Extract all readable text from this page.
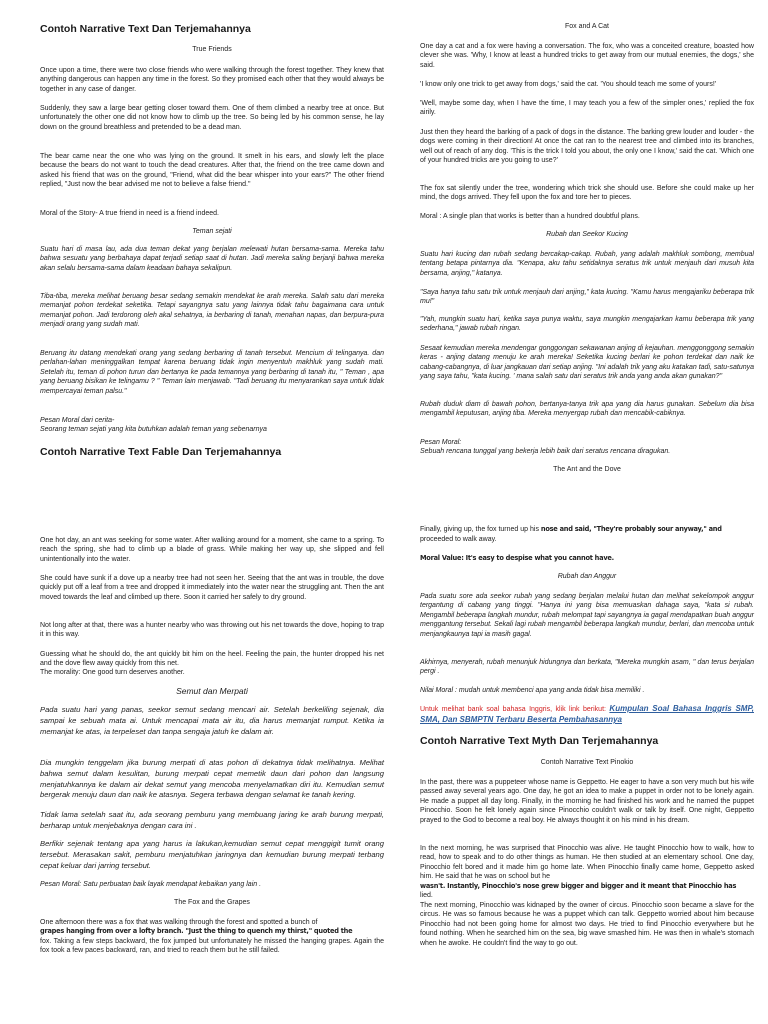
Contoh Narrative Text Dan Terjemahannya
True Friends
Once upon a time, there were two close friends who were walking through the forest together. They knew that anything dangerous can happen any time in the forest. So they promised each other that they would always be together in any case of danger.
Suddenly, they saw a large bear getting closer toward them. One of them climbed a nearby tree at once. But unfortunately the other one did not know how to climb up the tree. So being led by his common sense, he lay down on the ground breathless and pretended to be a dead man.
The bear came near the one who was lying on the ground. It smelt in his ears, and slowly left the place because the bears do not want to touch the dead creatures. After that, the friend on the tree came down and asked his friend that was on the ground, "Friend, what did the bear whisper into your ears?" The other friend replied, "Just now the bear advised me not to believe a false friend."
Moral of the Story- A true friend in need is a friend indeed.
Teman sejati
Suatu hari di masa lau, ada dua teman dekat yang berjalan melewati hutan bersama-sama. Mereka tahu bahwa sesuatu yang berbahaya dapat terjadi setiap saat di hutan. Jadi mereka saling berjanji bahwa mereka akan selalu bersama-sama dalam keadaan bahaya sekalipun.
Tiba-tiba, mereka melihat beruang besar sedang semakin mendekat ke arah mereka. Salah satu dari mereka memanjat pohon terdekat seketika. Tetapi sayangnya satu yang lainnya tidak tahu bagaimana cara untuk memanjat pohon. Jadi terdorong oleh akal sehatnya, ia berbaring di tanah, menahan napas, dan berpura-pura menjadi orang yang sudah mati.
Beruang itu datang mendekati orang yang sedang berbaring di tanah tersebut. Mencium di telinganya. dan perlahan-lahan meninggalkan tempat karena beruang tidak ingin menyentuh makhluk yang sudah mati. Setelah itu, teman di pohon turun dan bertanya ke pada temannya yang berbaring di tanah itu, " Teman , apa yang beruang bisikan ke telingamu ? " Teman lain menjawab. "Tadi beruang itu menyarankan saya untuk tidak mempercayai teman palsu."
Pesan Moral dari cerita-
Seorang teman sejati yang kita butuhkan adalah teman yang sebenarnya
Contoh Narrative Text Fable Dan Terjemahannya
One hot day, an ant was seeking for some water. After walking around for a moment, she came to a spring. To reach the spring, she had to climb up a blade of grass. While making her way up, she slipped and fell unintentionally into the water.
She could have sunk if a dove up a nearby tree had not seen her. Seeing that the ant was in trouble, the dove quickly put off a leaf from a tree and dropped it immediately into the water near the struggling ant. Then the ant moved towards the leaf and climbed up there. Soon it carried her safely to dry ground.
Not long after at that, there was a hunter nearby who was throwing out his net towards the dove, hoping to trap it in this way.
Guessing what he should do, the ant quickly bit him on the heel. Feeling the pain, the hunter dropped his net and the dove flew away quickly from this net.
The morality: One good turn deserves another.
Semut dan Merpati
Pada suatu hari yang panas, seekor semut sedang mencari air. Setelah berkeliling sejenak, dia sampai ke sebuah mata ai. Untuk mencapai mata air itu, dia harus memanjat rumput. Ketika ia memanjat ke atas, ia terpeleset dan tanpa sengaja jatuh ke dalam air.
Dia mungkin tenggelam jika burung merpati di atas pohon di dekatnya tidak melihatnya. Melihat bahwa semut dalam kesulitan, burung merpati cepat memetik daun dari pohon dan langsung menjatuhkannya ke dalam air dekat semut yang mencoba menyelamatkan diri itu. Kemudian semut bergerak menuju daun dan naik ke atasnya. Segera terbawa dengan selamat ke tanah kering.
Tidak lama setelah saat itu, ada seorang pemburu yang membuang jaring ke arah burung merpati, berharap untuk menjebaknya dengan cara ini .
Berfikir sejenak tentang apa yang harus ia lakukan,kemudian semut cepat menggigit tumit orang tersebut. Merasakan sakit, pemburu menjatuhkan jaringnya dan kemudian burung merpati terbang cepat keluar dari jarring tersebut.
Pesan Moral: Satu perbuatan baik layak mendapat kebaikan yang lain .
The Fox and the Grapes
One afternoon there was a fox that was walking through the forest and spotted a bunch of
grapes hanging from over a lofty branch. "Just the thing to quench my thirst," quoted the
fox. Taking a few steps backward, the fox jumped but unfortunately he missed the hanging grapes. Again the fox took a few paces backward, ran, and tried to reach them but he still failed.
Fox and A Cat
One day a cat and a fox were having a conversation. The fox, who was a conceited creature, boasted how clever she was. 'Why, I know at least a hundred tricks to get away from our mutual enemies, the dogs,' she said.
'I know only one trick to get away from dogs,' said the cat. 'You should teach me some of yours!'
'Well, maybe some day, when I have the time, I may teach you a few of the simpler ones,' replied the fox airily.
Just then they heard the barking of a pack of dogs in the distance. The barking grew louder and louder - the dogs were coming in their direction! At once the cat ran to the nearest tree and climbed into its branches, well out of reach of any dog. 'This is the trick I told you about, the only one I know,' said the cat. 'Which one of your hundred tricks are you going to use?'
The fox sat silently under the tree, wondering which trick she should use. Before she could make up her mind, the dogs arrived. They fell upon the fox and tore her to pieces.
Moral : A single plan that works is better than a hundred doubtful plans.
Rubah dan Seekor Kucing
Suatu hari kucing dan rubah sedang bercakap-cakap. Rubah, yang adalah makhluk sombong, membual tentang betapa pintarnya dia. "Kenapa, aku tahu setidaknya seratus trik untuk menjauh dari musuh kita bersama, anjing," katanya.
"Saya hanya tahu satu trik untuk menjauh dari anjing," kata kucing. "Kamu harus mengajariku beberapa trik mu!"
"Yah, mungkin suatu hari, ketika saya punya waktu, saya mungkin mengajarkan kamu beberapa trik yang sederhana," jawab rubah ringan.
Sesaat kemudian mereka mendengar gonggongan sekawanan anjing di kejauhan. menggonggong semakin keras - anjing datang menuju ke arah mereka! Seketika kucing berlari ke pohon terdekat dan naik ke cabang-cabangnya, di luar jangkauan dari setiap anjing. "Ini adalah trik yang aku katakan tadi, satu-satunya yang saya tahu, "kata kucing. ' mana salah satu dari seratus trik anda yang anda akan gunakan?"
Rubah duduk diam di bawah pohon, bertanya-tanya trik apa yang dia harus gunakan. Sebelum dia bisa mengambil keputusan, anjing tiba. Mereka menyergap rubah dan mencabik-cabiknya.
Pesan Moral:
Sebuah rencana tunggal yang bekerja lebih baik dari seratus rencana diragukan.
The Ant and the Dove
Finally, giving up, the fox turned up his nose and said, "They're probably sour anyway," and
proceeded to walk away.
Moral Value: It's easy to despise what you cannot have.
Rubah dan Anggur
Pada suatu sore ada seekor rubah yang sedang berjalan melalui hutan dan melihat sekelompok anggur tergantung di cabang yang tinggi. "Hanya ini yang bisa memuaskan dahaga saya, "kata si rubah. Mengambil beberapa langkah mundur, rubah melompat tapi sayangnya ia gagal mendapatkan buah anggur menggantung tersebut. Sekali lagi rubah mengambil beberapa langkah mundur, berlari, dan mencoba untuk menjangkaunya tapi ia masih gagal.
Akhirnya, menyerah, rubah menunjuk hidungnya dan berkata, "Mereka mungkin asam, " dan terus berjalan pergi .
Nilai Moral : mudah untuk membenci apa yang anda tidak bisa memiliki .
Untuk melihat bank soal bahasa Inggris, klik link berikut: Kumpulan Soal Bahasa Inggris SMP, SMA, Dan SBMPTN Terbaru Beserta Pembahasannya
Contoh Narrative Text Myth Dan Terjemahannya
Contoh Narrative Text Pinokio
In the past, there was a puppeteer whose name is Geppetto. He eager to have a son very much but his wife passed away several years ago. One day, he got an idea to make a puppet in order not to be lonely again. He made a puppet all day long. Finally, in the morning he had finished his work and he named the puppet Pinocchio. Soon he felt lonely again since Pinocchio couldn't walk or talk by itself. One night, Geppetto prayed to the God to become a real boy. He always thought it on his mind in his dream.
In the next morning, he was surprised that Pinocchio was alive. He taught Pinocchio how to walk, how to read, how to speak and to do other things as human. He then studied at an elementary school. One day, Pinocchio felt bored and it made him go home late. When Pinocchio finally came home, Geppetto asked him. He said that he was on school but he
wasn't. Instantly, Pinocchio's nose grew bigger and bigger and it meant that Pinocchio has
lied.
The next morning, Pinocchio was kidnaped by the owner of circus. Pinocchio soon became a slave for the circus. He was so famous because he was a puppet which can talk. Geppetto worried about him because Pinocchio had not been going home for almost two days. He tried to find Pinocchio everywhere but he found nothing. When he searched him on the sea, big wave smashed him. He was then in whale's stomach when he awoke. He couldn't find the way to go out.
